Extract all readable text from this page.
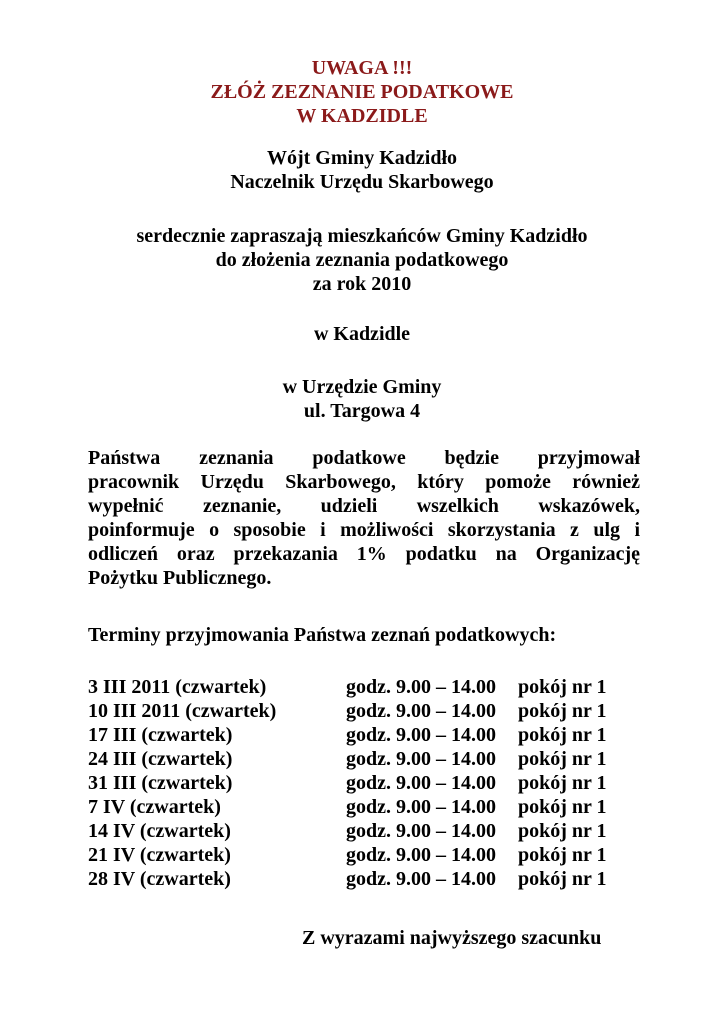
UWAGA !!!
ZŁÓŻ ZEZNANIE PODATKOWE
W KADZIDLE
Wójt Gminy Kadzidło
Naczelnik Urzędu Skarbowego
serdecznie zapraszają mieszkańców Gminy Kadzidło
do złożenia zeznania podatkowego
za rok 2010
w Kadzidle
w Urzędzie Gminy
ul. Targowa 4
Państwa zeznania podatkowe będzie przyjmował
pracownik Urzędu Skarbowego, który pomoże również
wypełnić zeznanie, udzieli wszelkich wskazówek,
poinformuje o sposobie i możliwości skorzystania z ulg i
odliczeń oraz przekazania 1% podatku na Organizację
Pożytku Publicznego.
Terminy przyjmowania Państwa zeznań podatkowych:
3 III 2011 (czwartek)	godz. 9.00 – 14.00 pokój nr 1
10 III 2011 (czwartek)	godz. 9.00 – 14.00 pokój nr 1
17 III (czwartek)	godz. 9.00 – 14.00 pokój nr 1
24 III (czwartek)	godz. 9.00 – 14.00 pokój nr 1
31 III (czwartek)	godz. 9.00 – 14.00 pokój nr 1
7 IV (czwartek)	godz. 9.00 – 14.00 pokój nr 1
14 IV (czwartek)	godz. 9.00 – 14.00 pokój nr 1
21 IV (czwartek)	godz. 9.00 – 14.00 pokój nr 1
28 IV (czwartek)	godz. 9.00 – 14.00 pokój nr 1
Z wyrazami najwyższego szacunku
